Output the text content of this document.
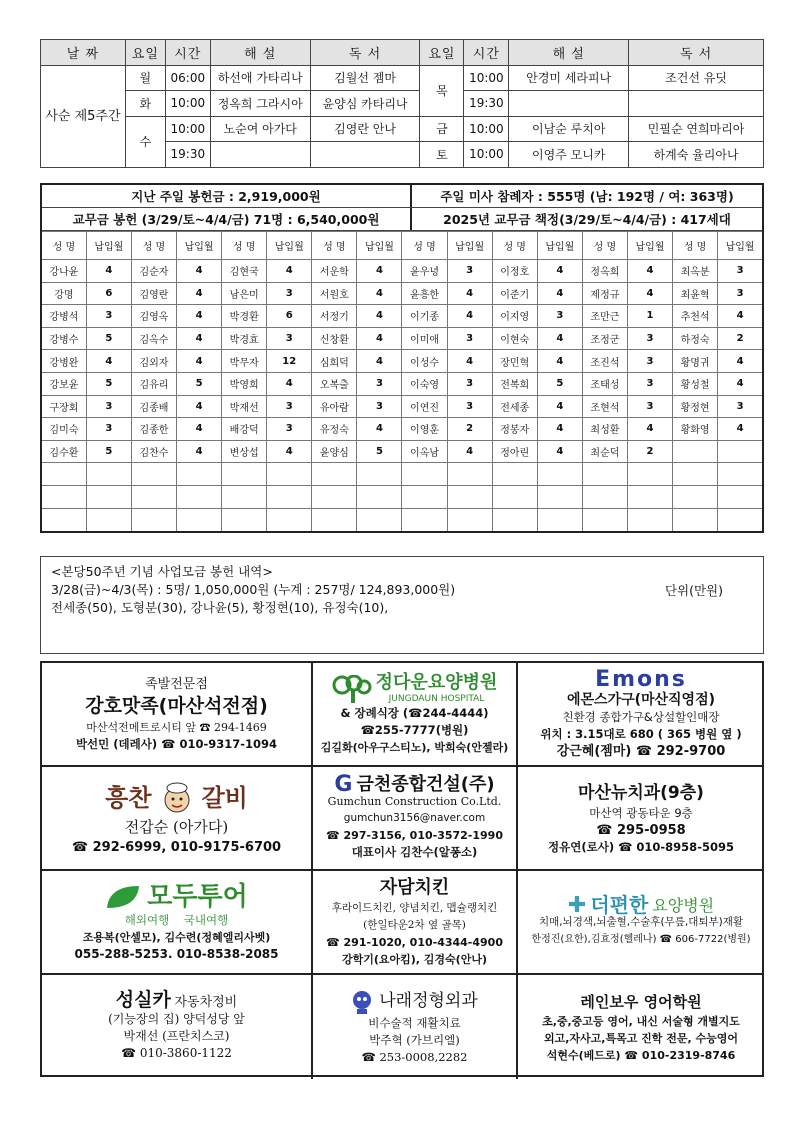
날 짜	요일	시간	해 설	독 서	요일	시간	해 설	독 서
사순 제5주간	월	06:00	하선애 가타리나	김월선 젬마	목	10:00	안경미 세라피나	조건선 유딧
	화	10:00	정옥희 그라시아	윤양심 카타리나		19:30		
	수	10:00	노순여 아가다	김영란 안나	금	10:00	이남순 루치아	민필순 연희마리아
		19:30			토	10:00	이영주 모니카	하계숙 율리아나
지난 주일 봉헌금 : 2,919,000원	주일 미사 참례자 : 555명 (남: 192명 / 여: 363명)
교무금 봉헌 (3/29/토~4/4/금) 71명 : 6,540,000원	2025년 교무금 책정(3/29/토~4/4/금) : 417세대
성 명	납입월	성 명	납입월	성 명	납입월	성 명	납입월	성 명	납입월	성 명	납입월	성 명	납입월	성 명	납입월
강나윤	4	김순자	4	김현국	4	서운학	4	윤우녕	3	이정호	4	정옥희	4	최옥분	3
강명	6	김영란	4	남은미	3	서원호	4	윤흥한	4	이준기	4	제정규	4	최윤혁	3
강병석	3	김영옥	4	박경환	6	서정기	4	이기종	4	이지영	3	조만근	1	추천석	4
강병수	5	김옥수	4	박경효	3	신창환	4	이미애	3	이현숙	4	조정군	3	하정숙	2
강병완	4	김외자	4	박무자	12	심희덕	4	이성수	4	장민혁	4	조진석	3	황명귀	4
강보윤	5	김유리	5	박영희	4	오복출	3	이숙영	3	전복희	5	조태성	3	황성철	4
구장회	3	김종배	4	박재선	3	유아람	3	이연진	3	전세종	4	조현석	3	황정현	3
김미숙	3	김종한	4	배강덕	3	유정숙	4	이영훈	2	정봉자	4	최성환	4	황화영	4
김수환	5	김찬수	4	변상섭	4	윤양심	5	이옥남	4	정아린	4	최순덕	2		

<본당50주년 기념 사업모금 봉헌 내역>
3/28(금)~4/3(목) : 5명/ 1,050,000원 (누계 : 257명/ 124,893,000원)
전세종(50), 도형분(30), 강나윤(5), 황정현(10), 유정숙(10),
단위(만원)
족발전문점
강호맛족(마산석전점)
마산석전메트로시티 앞 ☎ 294-1469
박선민 (데레사) ☎ 010-9317-1094
정다운요양병원
JUNGDAUN HOSPITAL
& 장례식장 (☎244-4444)
☎255-7777(병원)
김길화(아우구스티노), 박희숙(안젤라)
Emons
에몬스가구(마산직영점)
친환경 종합가구&상설할인매장
위치 : 3.15대로 680 ( 365 병원 옆 )
강근혜(젬마) ☎ 292-9700
흥찬 갈비
전갑순 (아가다)
☎ 292-6999, 010-9175-6700
G 금천종합건설(주)
Gumchun Construction Co.Ltd.
gumchun3156@naver.com
☎ 297-3156, 010-3572-1990
대표이사 김찬수(알퐁소)
마산뉴치과(9층)
마산역 광동타운 9층
☎ 295-0958
정유연(로사) ☎ 010-8958-5095
모두투어
해외여행    국내여행
조용복(안셀모), 김수련(정혜엘리사벳)
055-288-5253. 010-8538-2085
자담치킨
후라이드치킨, 양념치킨, 맵슐랭치킨
(한일타운2차 옆 골목)
☎ 291-1020, 010-4344-4900
강학기(요아킴), 김경숙(안나)
✚ 더편한 요양병원
치매,뇌경색,뇌출혈,수술후(무릎,대퇴부)재활
한정진(요한),김효정(헬레나) ☎ 606-7722(병원)
성실카 자동차정비
(기능장의 집) 양덕성당 앞
박재선 (프란치스코)
☎ 010-3860-1122
나래정형외과
비수술적 재활치료
박주혁 (가브리엘)
☎ 253-0008,2282
레인보우 영어학원
초,중,중고등 영어, 내신 서술형 개별지도
외고,자사고,특목고 진학 전문, 수능영어
석현수(베드로) ☎ 010-2319-8746
